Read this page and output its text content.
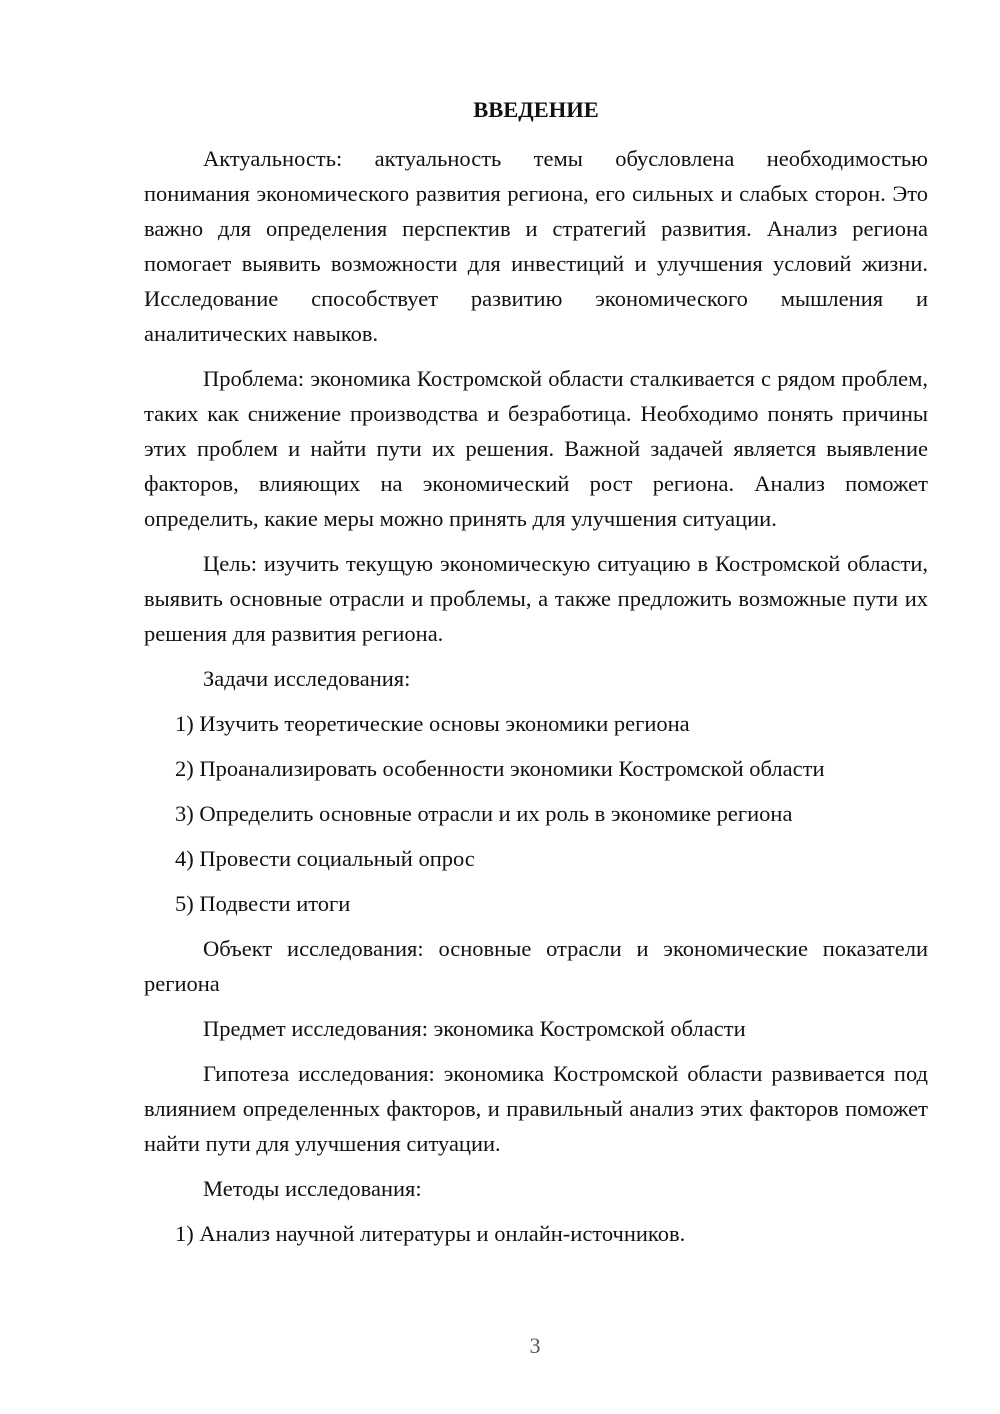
ВВЕДЕНИЕ

Актуальность: актуальность темы обусловлена необходимостью понимания экономического развития региона, его сильных и слабых сторон. Это важно для определения перспектив и стратегий развития. Анализ региона помогает выявить возможности для инвестиций и улучшения условий жизни. Исследование способствует развитию экономического мышления и аналитических навыков.

Проблема: экономика Костромской области сталкивается с рядом проблем, таких как снижение производства и безработица. Необходимо понять причины этих проблем и найти пути их решения. Важной задачей является выявление факторов, влияющих на экономический рост региона. Анализ поможет определить, какие меры можно принять для улучшения ситуации.

Цель: изучить текущую экономическую ситуацию в Костромской области, выявить основные отрасли и проблемы, а также предложить возможные пути их решения для развития региона.

Задачи исследования:

1) Изучить теоретические основы экономики региона

2) Проанализировать особенности экономики Костромской области

3) Определить основные отрасли и их роль в экономике региона

4) Провести социальный опрос

5) Подвести итоги

Объект исследования: основные отрасли и экономические показатели региона

Предмет исследования: экономика Костромской области

Гипотеза исследования: экономика Костромской области развивается под влиянием определенных факторов, и правильный анализ этих факторов поможет найти пути для улучшения ситуации.

Методы исследования:

1) Анализ научной литературы и онлайн-источников.

3
